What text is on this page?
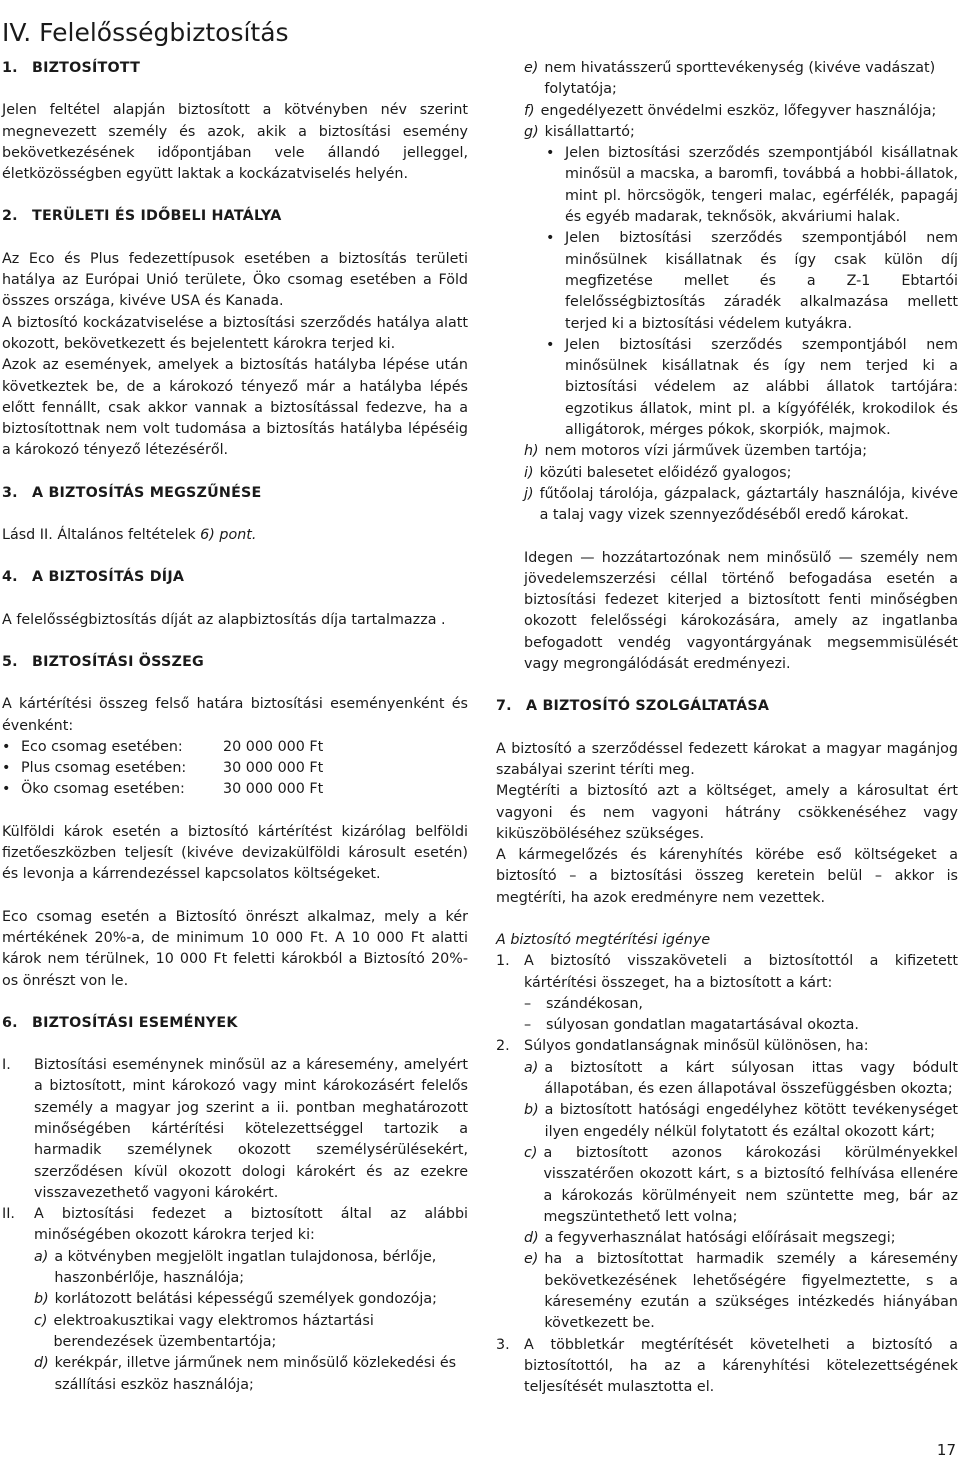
IV. Felelősségbiztosítás
1. BIZTOSÍTOTT

Jelen feltétel alapján biztosított a kötvényben név szerint megnevezett személy és azok, akik a biztosítási esemény bekövetkezésének időpontjában vele állandó jelleggel, életközösségben együtt laktak a kockázatviselés helyén.

2. TERÜLETI ÉS IDŐBELI HATÁLYA

Az Eco és Plus fedezettípusok esetében a biztosítás területi hatálya az Európai Unió területe, Öko csomag esetében a Föld összes országa, kivéve USA és Kanada.

A biztosító kockázatviselése a biztosítási szerződés hatálya alatt okozott, bekövetkezett és bejelentett károkra terjed ki.

Azok az események, amelyek a biztosítás hatályba lépése után következtek be, de a károkozó tényező már a hatályba lépés előtt fennállt, csak akkor vannak a biztosítással fedezve, ha a biztosítottnak nem volt tudomása a biztosítás hatályba lépéséig a károkozó tényező létezéséről.

3. A BIZTOSÍTÁS MEGSZŰNÉSE

Lásd II. Általános feltételek 6) pont.

4. A BIZTOSÍTÁS DÍJA

A felelősségbiztosítás díját az alapbiztosítás díja tartalmazza .

5. BIZTOSÍTÁSI ÖSSZEG

A kártérítési összeg felső határa biztosítási eseményenként és évenként:

• Eco csomag esetében:	20 000 000 Ft
• Plus csomag esetében:	30 000 000 Ft
• Öko csomag esetében:	30 000 000 Ft

Külföldi károk esetén a biztosító kártérítést kizárólag belföldi fizetőeszközben teljesít (kivéve devizakülföldi károsult esetén) és levonja a kárrendezéssel kapcsolatos költségeket.

Eco csomag esetén a Biztosító önrészt alkalmaz, mely a kér mértékének 20%-a, de minimum 10 000 Ft. A 10 000 Ft alatti károk nem térülnek, 10 000 Ft feletti károkból a Biztosító 20%-os önrészt von le.

6. BIZTOSÍTÁSI ESEMÉNYEK
I.	Biztosítási eseménynek minősül az a káresemény, amelyért a biztosított, mint károkozó vagy mint károkozásért felelős személy a magyar jog szerint a ii. pontban meghatározott minőségében kártérítési kötelezettséggel tartozik a harmadik személynek okozott személysérülésekért, szerződésen kívül okozott dologi károkért és az ezekre visszavezethető vagyoni károkért.
II.	A biztosítási fedezet a biztosított által az alábbi minőségében okozott károkra terjed ki:
a) a kötvényben megjelölt ingatlan tulajdonosa, bérlője, haszonbérlője, használója;
b) korlátozott belátási képességű személyek gondozója;
c) elektroakusztikai vagy elektromos háztartási berendezések üzembentartója;
d) kerékpár, illetve járműnek nem minősülő közlekedési és szállítási eszköz használója;
e) nem hivatásszerű sporttevékenység (kivéve vadászat) folytatója;
f) engedélyezett önvédelmi eszköz, lőfegyver használója;
g) kisállattartó;
• Jelen biztosítási szerződés szempontjából kisállatnak minősül a macska, a baromfi, továbbá a hobbi-állatok, mint pl. hörcsögök, tengeri malac, egérfélék, papagáj és egyéb madarak, teknősök, akváriumi halak.
• Jelen biztosítási szerződés szempontjából nem minősülnek kisállatnak és így csak külön díj megfizetése mellet és a Z-1 Ebtartói felelősségbiztosítás záradék alkalmazása mellett terjed ki a biztosítási védelem kutyákra.
• Jelen biztosítási szerződés szempontjából nem minősülnek kisállatnak és így nem terjed ki a biztosítási védelem az alábbi állatok tartójára: egzotikus állatok, mint pl. a kígyófélék, krokodilok és alligátorok, mérges pókok, skorpiók, majmok.
h) nem motoros vízi járművek üzemben tartója;
i) közúti balesetet előidéző gyalogos;
j) fűtőolaj tárolója, gázpalack, gáztartály használója, kivéve a talaj vagy vizek szennyeződéséből eredő károkat.

Idegen — hozzátartozónak nem minősülő — személy nem jövedelemszerzési céllal történő befogadása esetén a biztosítási fedezet kiterjed a biztosított fenti minőségben okozott felelősségi károkozására, amely az ingatlanba befogadott vendég vagyontárgyának megsemmisülését vagy megrongálódását eredményezi.

7. A BIZTOSÍTÓ SZOLGÁLTATÁSA

A biztosító a szerződéssel fedezett károkat a magyar magánjog szabályai szerint téríti meg.

Megtéríti a biztosító azt a költséget, amely a károsultat ért vagyoni és nem vagyoni hátrány csökkenéséhez vagy kiküszöböléséhez szükséges.

A kármegelőzés és kárenyhítés körébe eső költségeket a biztosító – a biztosítási összeg keretein belül – akkor is megtéríti, ha azok eredményre nem vezettek.

A biztosító megtérítési igénye

1.	A biztosító visszaköveteli a biztosítottól a kifizetett kártérítési összeget, ha a biztosított a kárt:
–	szándékosan,
–	súlyosan gondatlan magatartásával okozta.
2.	Súlyos gondatlanságnak minősül különösen, ha:
a) a biztosított a kárt súlyosan ittas vagy bódult állapotában, és ezen állapotával összefüggésben okozta;
b) a biztosított hatósági engedélyhez kötött tevékenységet ilyen engedély nélkül folytatott és ezáltal okozott kárt;
c) a biztosított azonos károkozási körülményekkel visszatérően okozott kárt, s a biztosító felhívása ellenére a károkozás körülményeit nem szüntette meg, bár az megszüntethető lett volna;
d) a fegyverhasználat hatósági előírásait megszegi;
e) ha a biztosítottat harmadik személy a káresemény bekövetkezésének lehetőségére figyelmeztette, s a káresemény ezután a szükséges intézkedés hiányában következett be.
3.	A többletkár megtérítését követelheti a biztosító a biztosítottól, ha az a kárenyhítési kötelezettségének teljesítését mulasztotta el.
17
